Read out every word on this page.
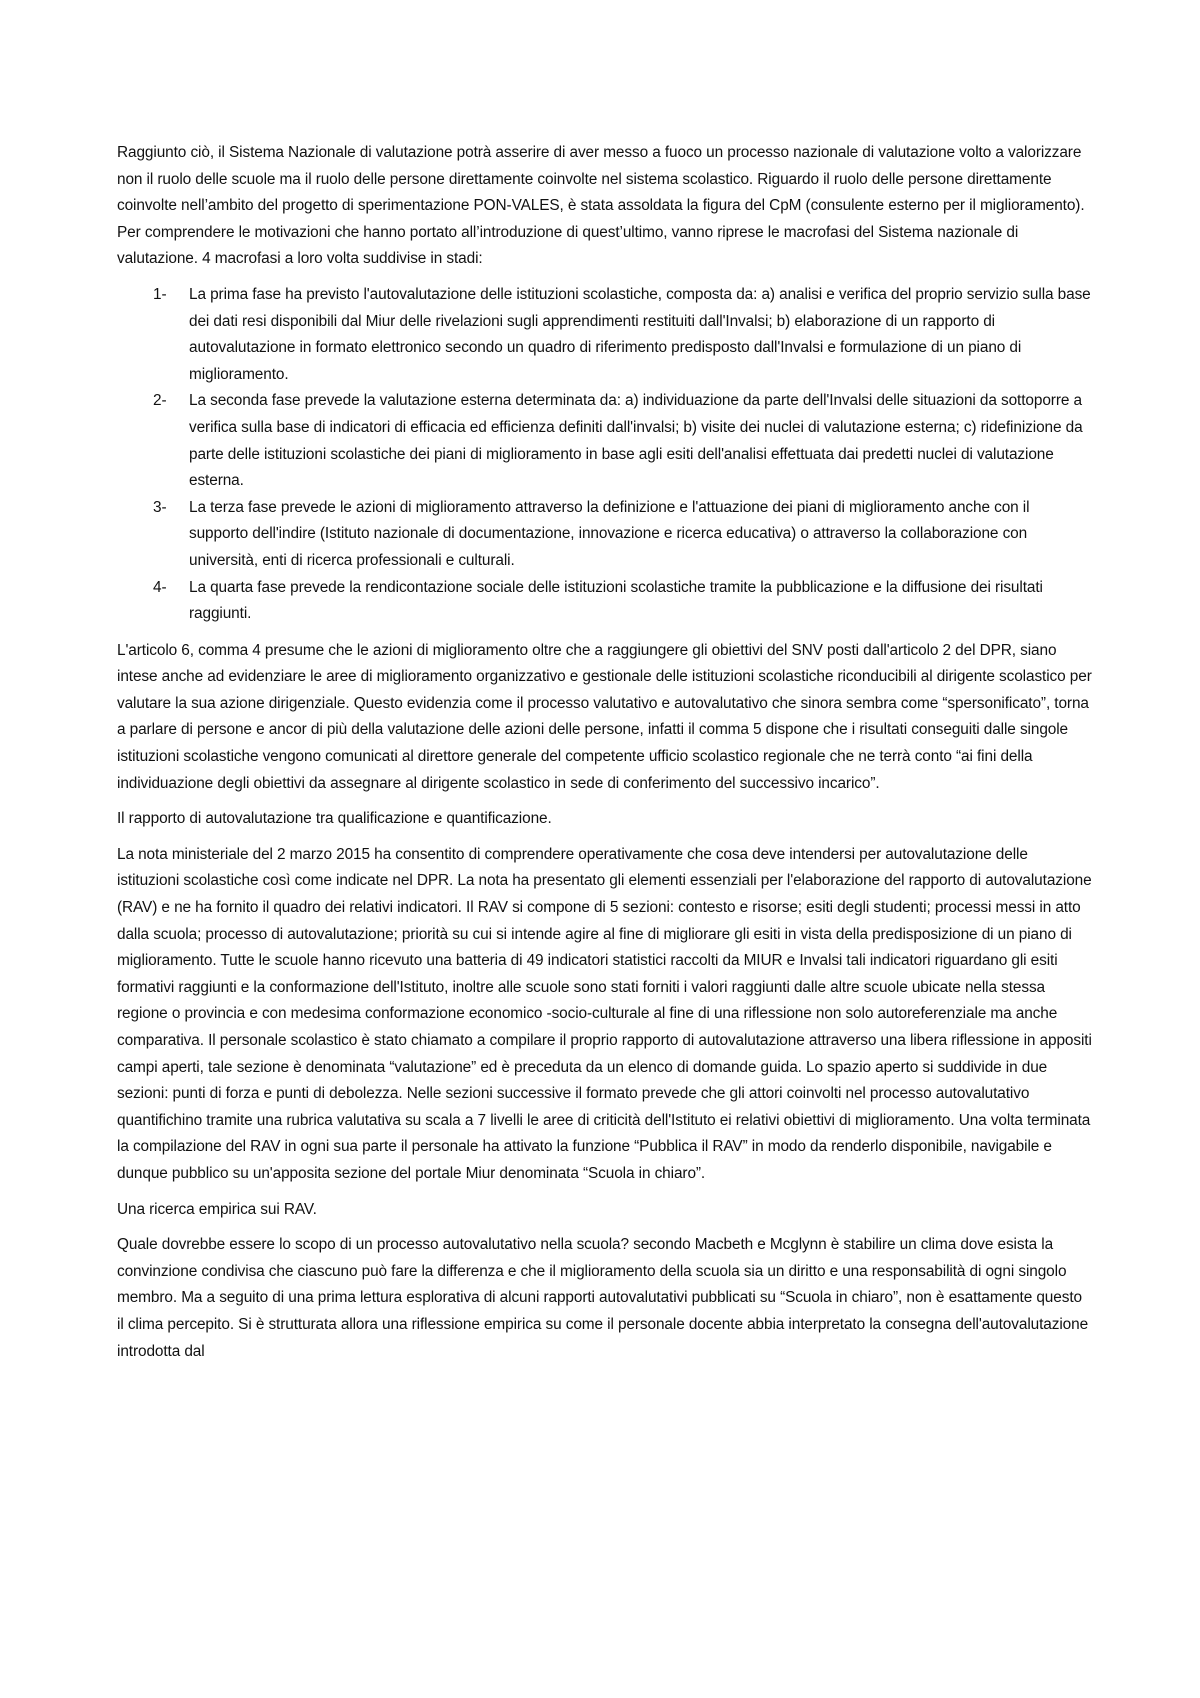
Raggiunto ciò, il Sistema Nazionale di valutazione potrà asserire di aver messo a fuoco un processo nazionale di valutazione volto a valorizzare non il ruolo delle scuole ma il ruolo delle persone direttamente coinvolte nel sistema scolastico. Riguardo il ruolo delle persone direttamente coinvolte nell’ambito del progetto di sperimentazione PON-VALES, è stata assoldata la figura del CpM (consulente esterno per il miglioramento). Per comprendere le motivazioni che hanno portato all’introduzione di quest’ultimo, vanno riprese le macrofasi del Sistema nazionale di valutazione. 4 macrofasi a loro volta suddivise in stadi:

1- La prima fase ha previsto l'autovalutazione delle istituzioni scolastiche, composta da: a) analisi e verifica del proprio servizio sulla base dei dati resi disponibili dal Miur delle rivelazioni sugli apprendimenti restituiti dall'Invalsi; b) elaborazione di un rapporto di autovalutazione in formato elettronico secondo un quadro di riferimento predisposto dall'Invalsi e formulazione di un piano di miglioramento.
2- La seconda fase prevede la valutazione esterna determinata da: a) individuazione da parte dell'Invalsi delle situazioni da sottoporre a verifica sulla base di indicatori di efficacia ed efficienza definiti dall'invalsi; b) visite dei nuclei di valutazione esterna; c) ridefinizione da parte delle istituzioni scolastiche dei piani di miglioramento in base agli esiti dell'analisi effettuata dai predetti nuclei di valutazione esterna.
3- La terza fase prevede le azioni di miglioramento attraverso la definizione e l'attuazione dei piani di miglioramento anche con il supporto dell'indire (Istituto nazionale di documentazione, innovazione e ricerca educativa) o attraverso la collaborazione con università, enti di ricerca professionali e culturali.
4- La quarta fase prevede la rendicontazione sociale delle istituzioni scolastiche tramite la pubblicazione e la diffusione dei risultati raggiunti.

L'articolo 6, comma 4 presume che le azioni di miglioramento oltre che a raggiungere gli obiettivi del SNV posti dall'articolo 2 del DPR, siano intese anche ad evidenziare le aree di miglioramento organizzativo e gestionale delle istituzioni scolastiche riconducibili al dirigente scolastico per valutare la sua azione dirigenziale. Questo evidenzia come il processo valutativo e autovalutativo che sinora sembra come “spersonificato”, torna a parlare di persone e ancor di più della valutazione delle azioni delle persone, infatti il comma 5 dispone che i risultati conseguiti dalle singole istituzioni scolastiche vengono comunicati al direttore generale del competente ufficio scolastico regionale che ne terrà conto “ai fini della individuazione degli obiettivi da assegnare al dirigente scolastico in sede di conferimento del successivo incarico”.

Il rapporto di autovalutazione tra qualificazione e quantificazione.

La nota ministeriale del 2 marzo 2015 ha consentito di comprendere operativamente che cosa deve intendersi per autovalutazione delle istituzioni scolastiche così come indicate nel DPR. La nota ha presentato gli elementi essenziali per l'elaborazione del rapporto di autovalutazione (RAV) e ne ha fornito il quadro dei relativi indicatori. Il RAV si compone di 5 sezioni: contesto e risorse; esiti degli studenti; processi messi in atto dalla scuola; processo di autovalutazione; priorità su cui si intende agire al fine di migliorare gli esiti in vista della predisposizione di un piano di miglioramento. Tutte le scuole hanno ricevuto una batteria di 49 indicatori statistici raccolti da MIUR e Invalsi tali indicatori riguardano gli esiti formativi raggiunti e la conformazione dell'Istituto, inoltre alle scuole sono stati forniti i valori raggiunti dalle altre scuole ubicate nella stessa regione o provincia e con medesima conformazione economico -socio-culturale al fine di una riflessione non solo autoreferenziale ma anche comparativa. Il personale scolastico è stato chiamato a compilare il proprio rapporto di autovalutazione attraverso una libera riflessione in appositi campi aperti, tale sezione è denominata “valutazione” ed è preceduta da un elenco di domande guida. Lo spazio aperto si suddivide in due sezioni: punti di forza e punti di debolezza. Nelle sezioni successive il formato prevede che gli attori coinvolti nel processo autovalutativo quantifichino tramite una rubrica valutativa su scala a 7 livelli le aree di criticità dell'Istituto ei relativi obiettivi di miglioramento. Una volta terminata la compilazione del RAV in ogni sua parte il personale ha attivato la funzione “Pubblica il RAV” in modo da renderlo disponibile, navigabile e dunque pubblico su un'apposita sezione del portale Miur denominata “Scuola in chiaro”.

Una ricerca empirica sui RAV.

Quale dovrebbe essere lo scopo di un processo autovalutativo nella scuola? secondo Macbeth e Mcglynn è stabilire un clima dove esista la convinzione condivisa che ciascuno può fare la differenza e che il miglioramento della scuola sia un diritto e una responsabilità di ogni singolo membro. Ma a seguito di una prima lettura esplorativa di alcuni rapporti autovalutativi pubblicati su “Scuola in chiaro”, non è esattamente questo il clima percepito. Si è strutturata allora una riflessione empirica su come il personale docente abbia interpretato la consegna dell'autovalutazione introdotta dal
